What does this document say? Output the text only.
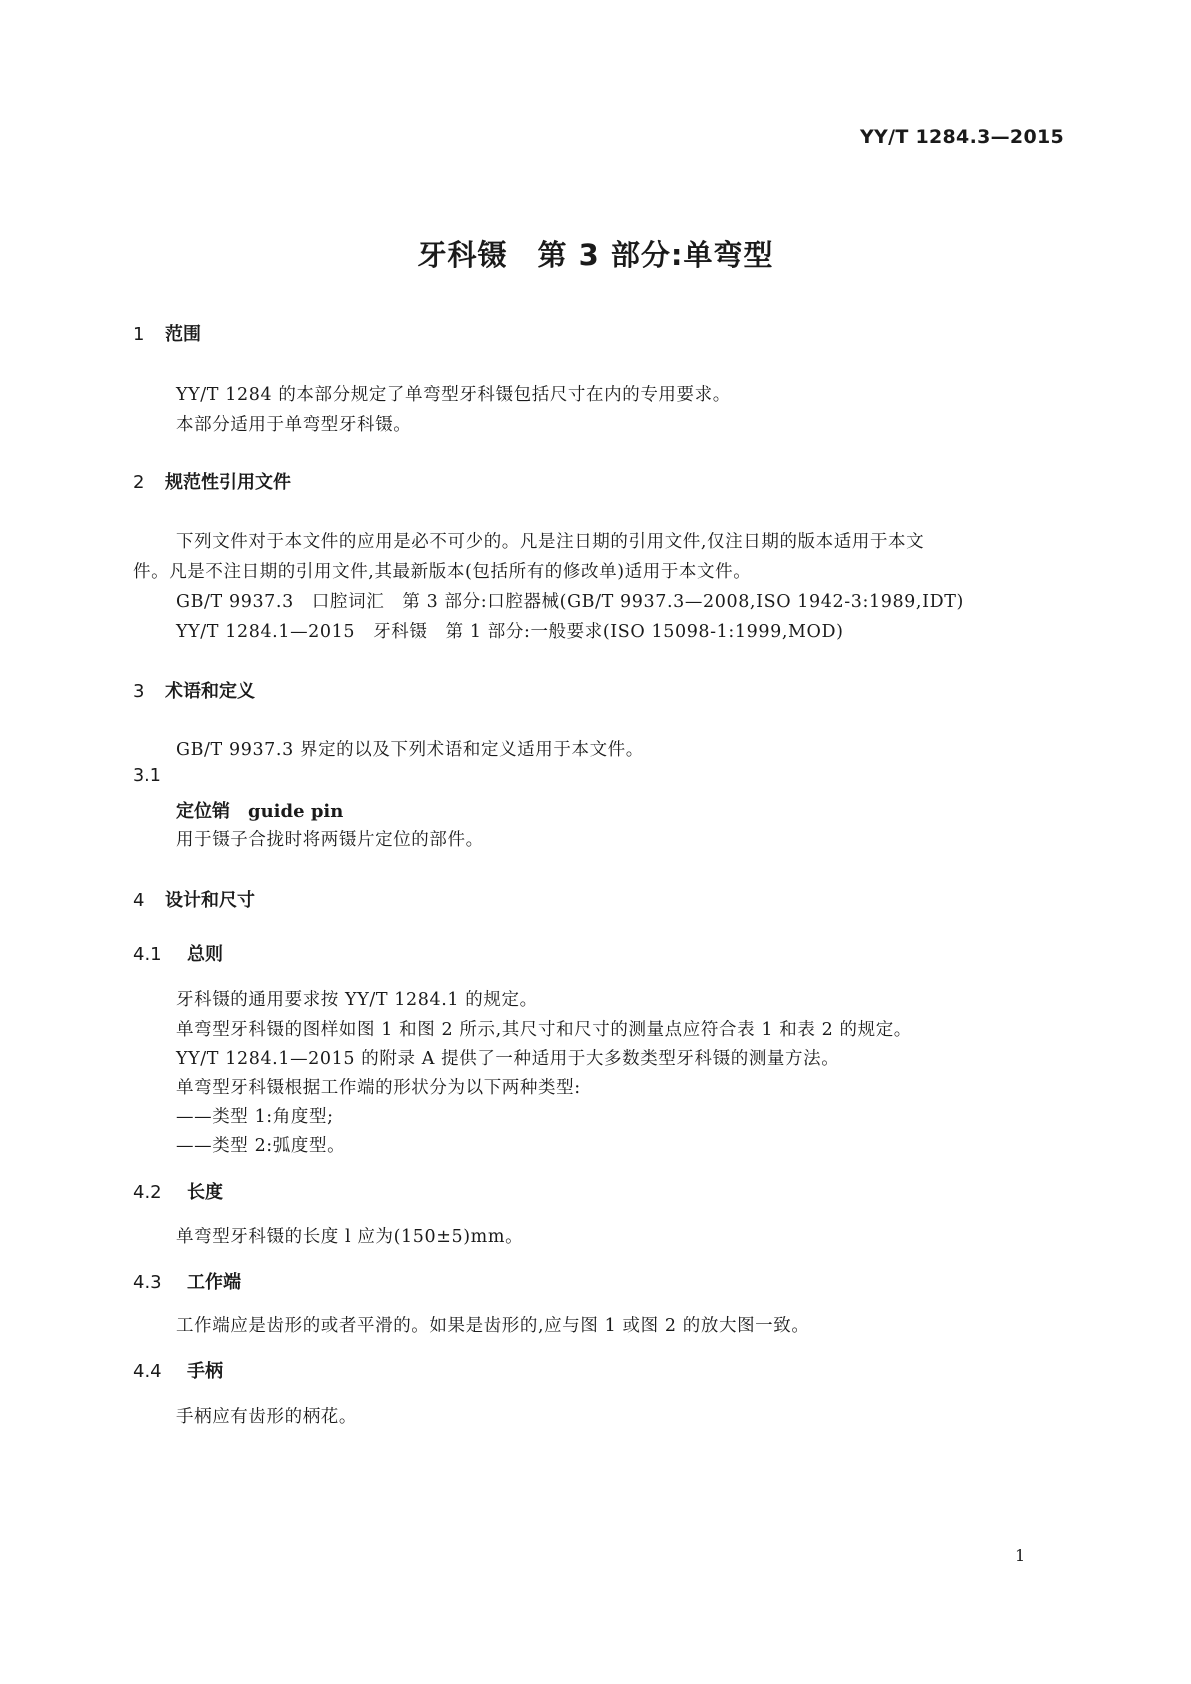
YY/T 1284.3—2015
牙科镊　第 3 部分:单弯型
1 范围
YY/T 1284 的本部分规定了单弯型牙科镊包括尺寸在内的专用要求。
本部分适用于单弯型牙科镊。
2 规范性引用文件
下列文件对于本文件的应用是必不可少的。凡是注日期的引用文件,仅注日期的版本适用于本文
件。凡是不注日期的引用文件,其最新版本(包括所有的修改单)适用于本文件。
GB/T 9937.3　口腔词汇　第 3 部分:口腔器械(GB/T 9937.3—2008,ISO 1942-3:1989,IDT)
YY/T 1284.1—2015　牙科镊　第 1 部分:一般要求(ISO 15098-1:1999,MOD)
3 术语和定义
GB/T 9937.3 界定的以及下列术语和定义适用于本文件。
3.1
定位销 guide pin
用于镊子合拢时将两镊片定位的部件。
4 设计和尺寸
4.1 总则
牙科镊的通用要求按 YY/T 1284.1 的规定。
单弯型牙科镊的图样如图 1 和图 2 所示,其尺寸和尺寸的测量点应符合表 1 和表 2 的规定。
YY/T 1284.1—2015 的附录 A 提供了一种适用于大多数类型牙科镊的测量方法。
单弯型牙科镊根据工作端的形状分为以下两种类型:
——类型 1:角度型;
——类型 2:弧度型。
4.2 长度
单弯型牙科镊的长度 l 应为(150±5)mm。
4.3 工作端
工作端应是齿形的或者平滑的。如果是齿形的,应与图 1 或图 2 的放大图一致。
4.4 手柄
手柄应有齿形的柄花。
1
